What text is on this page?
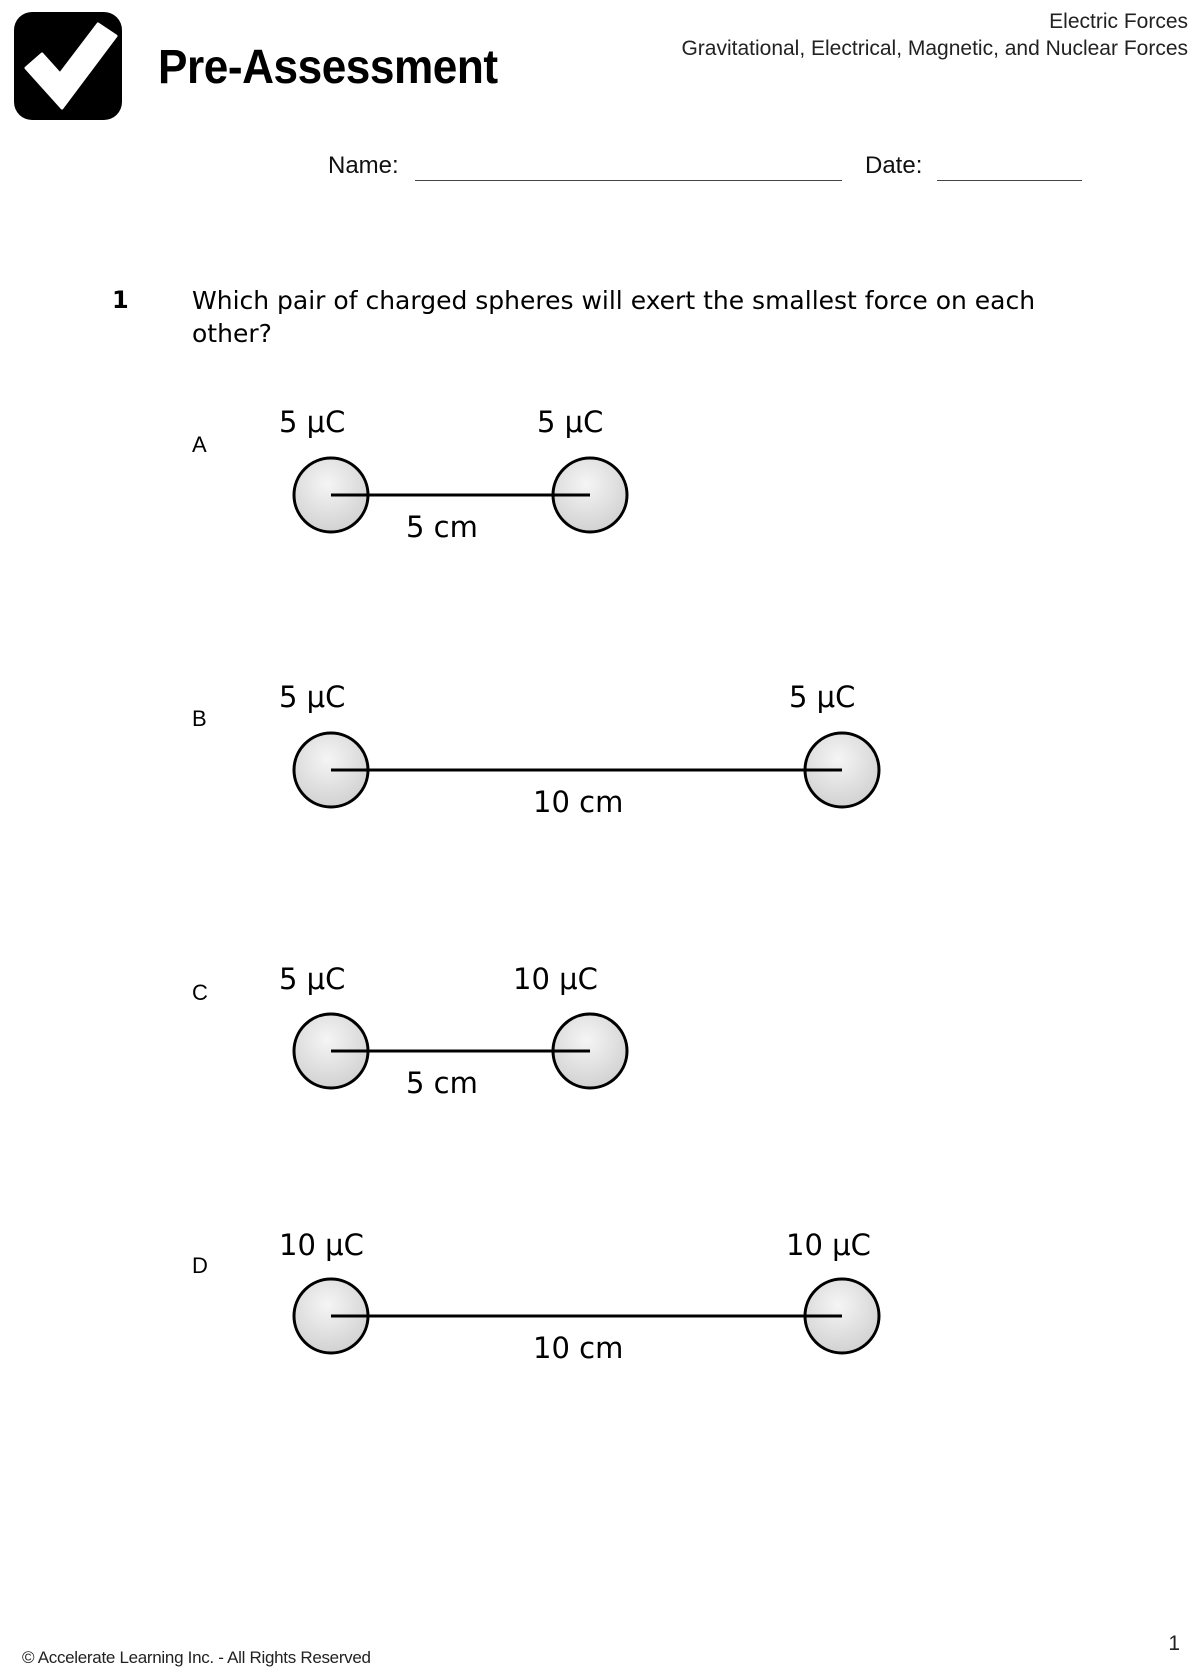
Pre-Assessment
Electric Forces
Gravitational, Electrical, Magnetic, and Nuclear Forces
Name:	Date:
1	Which pair of charged spheres will exert the smallest force on each other?
A
B
C
D
5 μC	5 μC
5 cm
5 μC	5 μC
10 cm
5 μC	10 μC
5 cm
10 μC	10 μC
10 cm
© Accelerate Learning Inc. - All Rights Reserved
1
